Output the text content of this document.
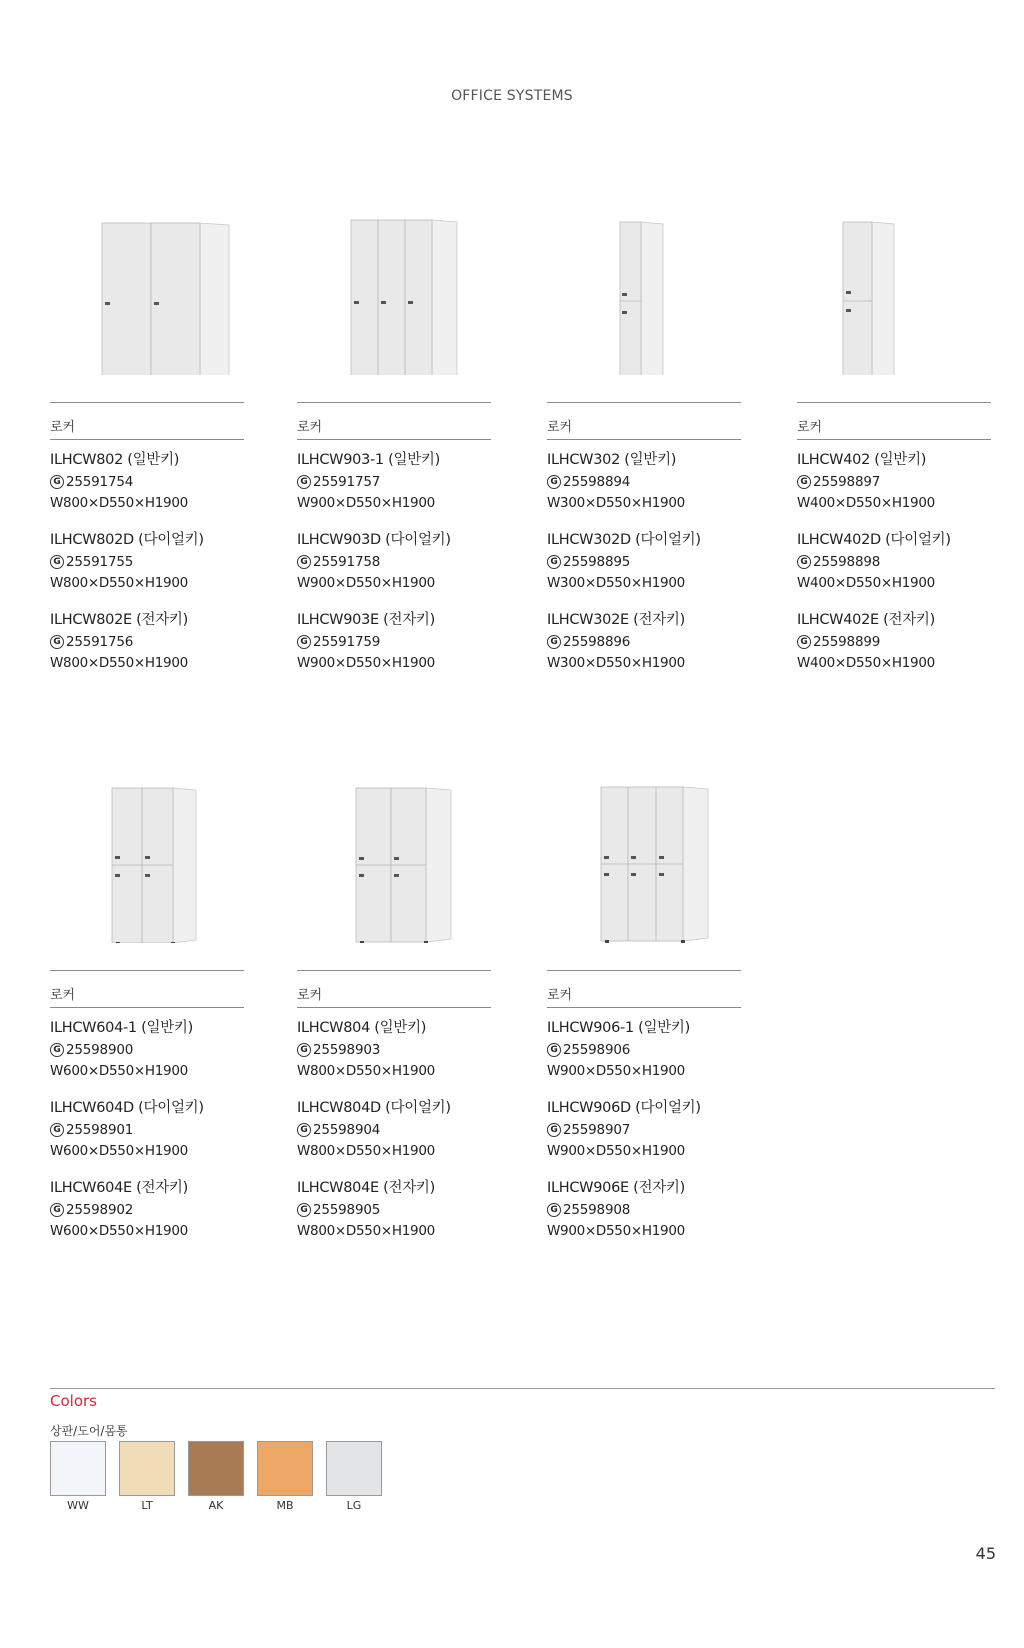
OFFICE SYSTEMS
로커
ILHCW802 (일반키)
G 25591754
W800×D550×H1900
ILHCW802D (다이얼키)
G 25591755
W800×D550×H1900
ILHCW802E (전자키)
G 25591756
W800×D550×H1900
로커
ILHCW903-1 (일반키)
G 25591757
W900×D550×H1900
ILHCW903D (다이얼키)
G 25591758
W900×D550×H1900
ILHCW903E (전자키)
G 25591759
W900×D550×H1900
로커
ILHCW302 (일반키)
G 25598894
W300×D550×H1900
ILHCW302D (다이얼키)
G 25598895
W300×D550×H1900
ILHCW302E (전자키)
G 25598896
W300×D550×H1900
로커
ILHCW402 (일반키)
G 25598897
W400×D550×H1900
ILHCW402D (다이얼키)
G 25598898
W400×D550×H1900
ILHCW402E (전자키)
G 25598899
W400×D550×H1900
로커
ILHCW604-1 (일반키)
G 25598900
W600×D550×H1900
ILHCW604D (다이얼키)
G 25598901
W600×D550×H1900
ILHCW604E (전자키)
G 25598902
W600×D550×H1900
로커
ILHCW804 (일반키)
G 25598903
W800×D550×H1900
ILHCW804D (다이얼키)
G 25598904
W800×D550×H1900
ILHCW804E (전자키)
G 25598905
W800×D550×H1900
로커
ILHCW906-1 (일반키)
G 25598906
W900×D550×H1900
ILHCW906D (다이얼키)
G 25598907
W900×D550×H1900
ILHCW906E (전자키)
G 25598908
W900×D550×H1900
Colors
상판/도어/몸통
WW	LT	AK	MB	LG
45
